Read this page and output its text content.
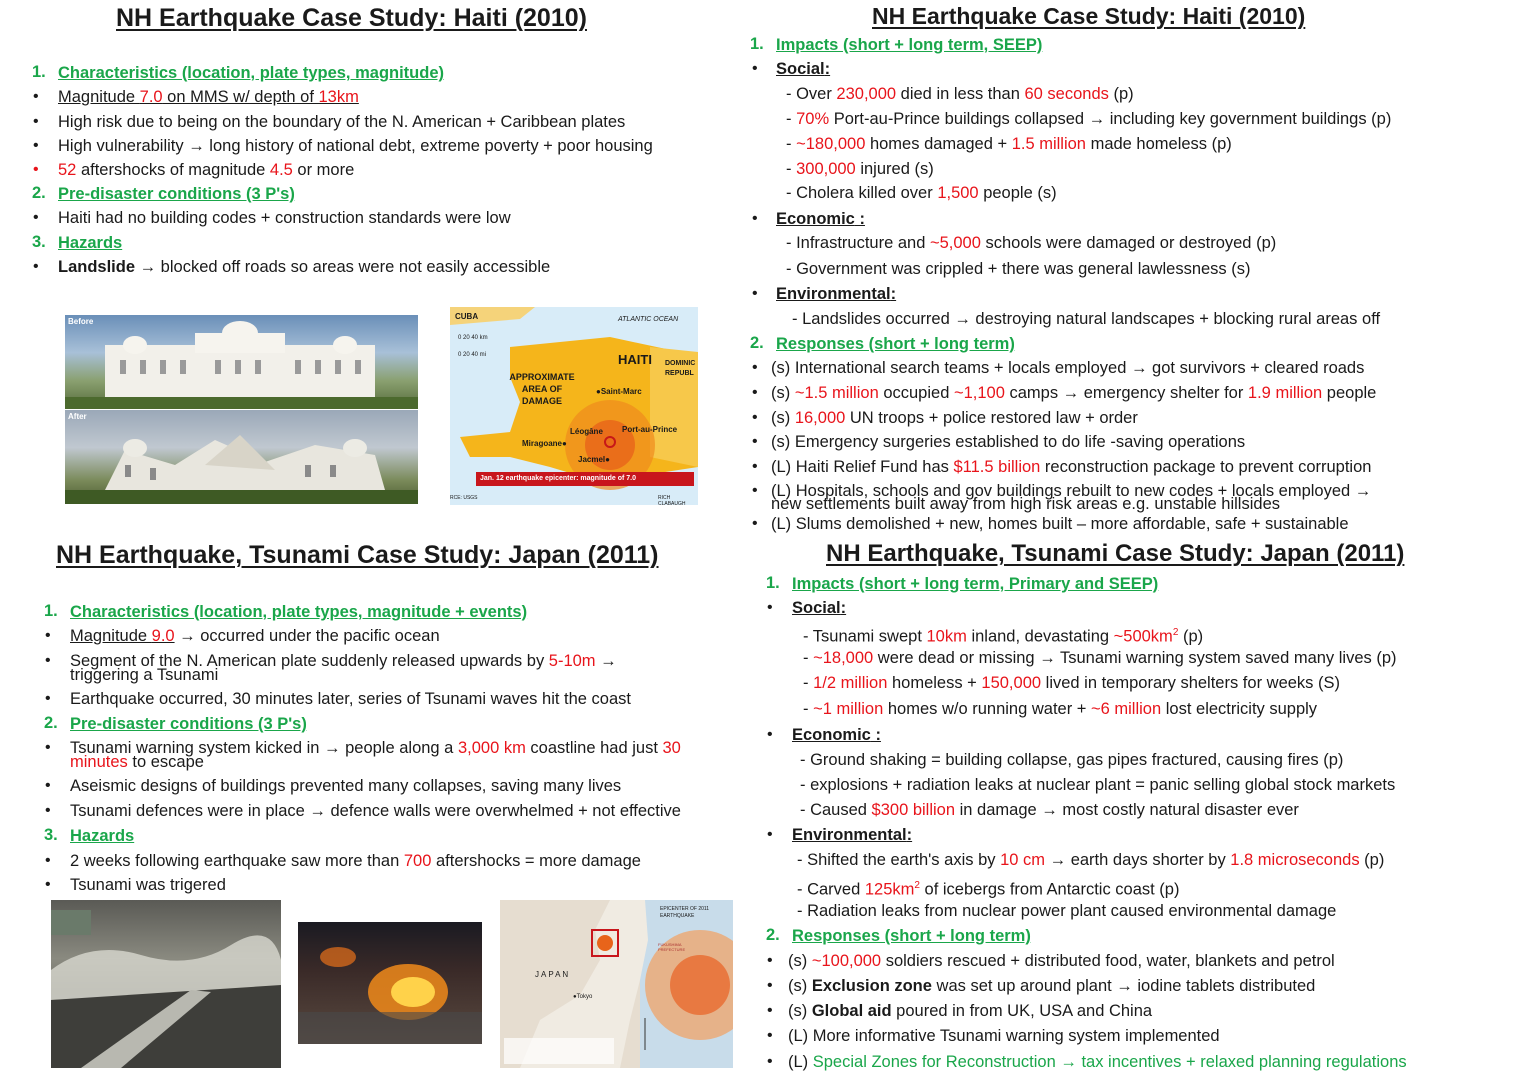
NH Earthquake Case Study: Haiti (2010)
1. Characteristics (location, plate types, magnitude)
• Magnitude 7.0 on MMS w/ depth of 13km
• High risk due to being on the boundary of the N. American + Caribbean plates
• High vulnerability → long history of national debt, extreme poverty + poor housing
• 52 aftershocks of magnitude 4.5 or more
2. Pre-disaster conditions (3 P's)
• Haiti had no building codes + construction standards were low
3. Hazards
• Landslide → blocked off roads so areas were not easily accessible
Before
After
CUBA	ATLANTIC OCEAN
0 20 40 km
0 20 40 mi	HAITI DOMINIC REPUBL
APPROXIMATE AREA OF DAMAGE
●Saint-Marc
Léogâne Port-au-Prince
Miragoane●
Jacmel●
Jan. 12 earthquake epicenter: magnitude of 7.0
RCE: USGS	RICH CLABAUGH
NH Earthquake Case Study: Haiti (2010)
1. Impacts (short + long term, SEEP)
• Social:
- Over 230,000 died in less than 60 seconds (p)
- 70% Port-au-Prince buildings collapsed → including key government buildings (p)
- ~180,000 homes damaged + 1.5 million made homeless (p)
- 300,000 injured (s)
- Cholera killed over 1,500 people (s)
• Economic :
- Infrastructure and ~5,000 schools were damaged or destroyed (p)
- Government was crippled + there was general lawlessness (s)
• Environmental:
- Landslides occurred → destroying natural landscapes + blocking rural areas off
2. Responses (short + long term)
• (s) International search teams + locals employed → got survivors + cleared roads
• (s) ~1.5 million occupied ~1,100 camps → emergency shelter for 1.9 million people
• (s) 16,000 UN troops + police restored law + order
• (s) Emergency surgeries established to do life -saving operations
• (L) Haiti Relief Fund has $11.5 billion reconstruction package to prevent corruption
• (L) Hospitals, schools and gov buildings rebuilt to new codes + locals employed →
new settlements built away from high risk areas e.g. unstable hillsides
• (L) Slums demolished + new, homes built – more affordable, safe + sustainable
NH Earthquake, Tsunami Case Study: Japan (2011)
1. Characteristics (location, plate types, magnitude + events)
• Magnitude 9.0 → occurred under the pacific ocean
• Segment of the N. American plate suddenly released upwards by 5-10m →
triggering a Tsunami
• Earthquake occurred, 30 minutes later, series of Tsunami waves hit the coast
2. Pre-disaster conditions (3 P's)
• Tsunami warning system kicked in → people along a 3,000 km coastline had just 30
minutes to escape
• Aseismic designs of buildings prevented many collapses, saving many lives
• Tsunami defences were in place → defence walls were overwhelmed + not effective
3. Hazards
• 2 weeks following earthquake saw more than 700 aftershocks = more damage
• Tsunami was trigered
JAPAN
●Tokyo
EPICENTER OF 2011 EARTHQUAKE
FUKUSHIMA PREFECTURE
NH Earthquake, Tsunami Case Study: Japan (2011)
1. Impacts (short + long term, Primary and SEEP)
• Social:
- Tsunami swept 10km inland, devastating $\sim 500km^2$ (p)
- ~18,000 were dead or missing → Tsunami warning system saved many lives (p)
- 1/2 million homeless + 150,000 lived in temporary shelters for weeks (S)
- ~1 million homes w/o running water + ~6 million lost electricity supply
• Economic :
- Ground shaking = building collapse, gas pipes fractured, causing fires (p)
- explosions + radiation leaks at nuclear plant = panic selling global stock markets
- Caused $300 billion in damage → most costly natural disaster ever
• Environmental:
- Shifted the earth's axis by 10 cm → earth days shorter by 1.8 microseconds (p)
- Carved $125km^2$ of icebergs from Antarctic coast (p)
- Radiation leaks from nuclear power plant caused environmental damage
2. Responses (short + long term)
• (s) ~100,000 soldiers rescued + distributed food, water, blankets and petrol
• (s) Exclusion zone was set up around plant → iodine tablets distributed
• (s) Global aid poured in from UK, USA and China
• (L) More informative Tsunami warning system implemented
• (L) Special Zones for Reconstruction → tax incentives + relaxed planning regulations
